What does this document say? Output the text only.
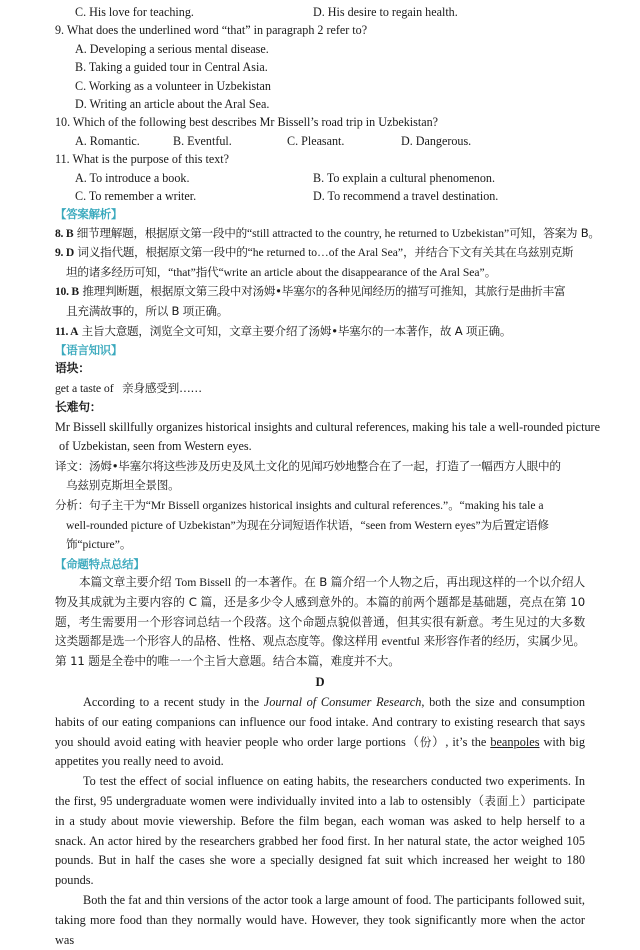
C. His love for teaching.	D. His desire to regain health.
9. What does the underlined word “that” in paragraph 2 refer to?
A. Developing a serious mental disease.
B. Taking a guided tour in Central Asia.
C. Working as a volunteer in Uzbekistan
D. Writing an article about the Aral Sea.
10. Which of the following best describes Mr Bissell’s road trip in Uzbekistan?
A. Romantic.	B. Eventful.	C. Pleasant.	D. Dangerous.
11. What is the purpose of this text?
A. To introduce a book.	B. To explain a cultural phenomenon.
C. To remember a writer.	D. To recommend a travel destination.
【答案解析】
8. B 细节理解题，根据原文第一段中的“still attracted to the country, he returned to Uzbekistan”可知，答案为 B。
9. D 词义指代题，根据原文第一段中的“he returned to…of the Aral Sea”，并结合下文有关其在乌兹别克斯
坦的诸多经历可知，“that”指代“write an article about the disappearance of the Aral Sea”。
10. B 推理判断题，根据原文第三段中对汤姆•毕塞尔的各种见闻经历的描写可推知，其旅行是曲折丰富
且充满故事的，所以 B 项正确。
11. A 主旨大意题，浏览全文可知，文章主要介绍了汤姆•毕塞尔的一本著作，故 A 项正确。
【语言知识】
语块：
get a taste of 亲身感受到……
长难句：
Mr Bissell skillfully organizes historical insights and cultural references, making his tale a well-rounded picture
of Uzbekistan, seen from Western eyes.
译文：汤姆•毕塞尔将这些涉及历史及风土文化的见闻巧妙地整合在了一起，打造了一幅西方人眼中的
乌兹别克斯坦全景图。
分析：句子主干为“Mr Bissell organizes historical insights and cultural references.”。“making his tale a
well-rounded picture of Uzbekistan”为现在分词短语作状语，“seen from Western eyes”为后置定语修
饰“picture”。
【命题特点总结】

本篇文章主要介绍 Tom Bissell 的一本著作。在 B 篇介绍一个人物之后，再出现这样的一个以介绍人物及其成就为主要内容的 C 篇，还是多少令人感到意外的。本篇的前两个题都是基础题，亮点在第 10 题，考生需要用一个形容词总结一个段落。这个命题点貌似普通，但其实很有新意。考生见过的大多数这类题都是选一个形容人的品格、性格、观点态度等。像这样用 eventful 来形容作者的经历，实属少见。第 11 题是全卷中的唯一一个主旨大意题。结合本篇，难度并不大。

D

According to a recent study in the Journal of Consumer Research, both the size and consumption habits of our eating companions can influence our food intake. And contrary to existing research that says you should avoid eating with heavier people who order large portions（份）, it’s the beanpoles with big appetites you really need to avoid.

To test the effect of social influence on eating habits, the researchers conducted two experiments. In the first, 95 undergraduate women were individually invited into a lab to ostensibly（表面上）participate in a study about movie viewership. Before the film began, each woman was asked to help herself to a snack. An actor hired by the researchers grabbed her food first. In her natural state, the actor weighed 105 pounds. But in half the cases she wore a specially designed fat suit which increased her weight to 180 pounds.

Both the fat and thin versions of the actor took a large amount of food. The participants followed suit, taking more food than they normally would have. However, they took significantly more when the actor was
